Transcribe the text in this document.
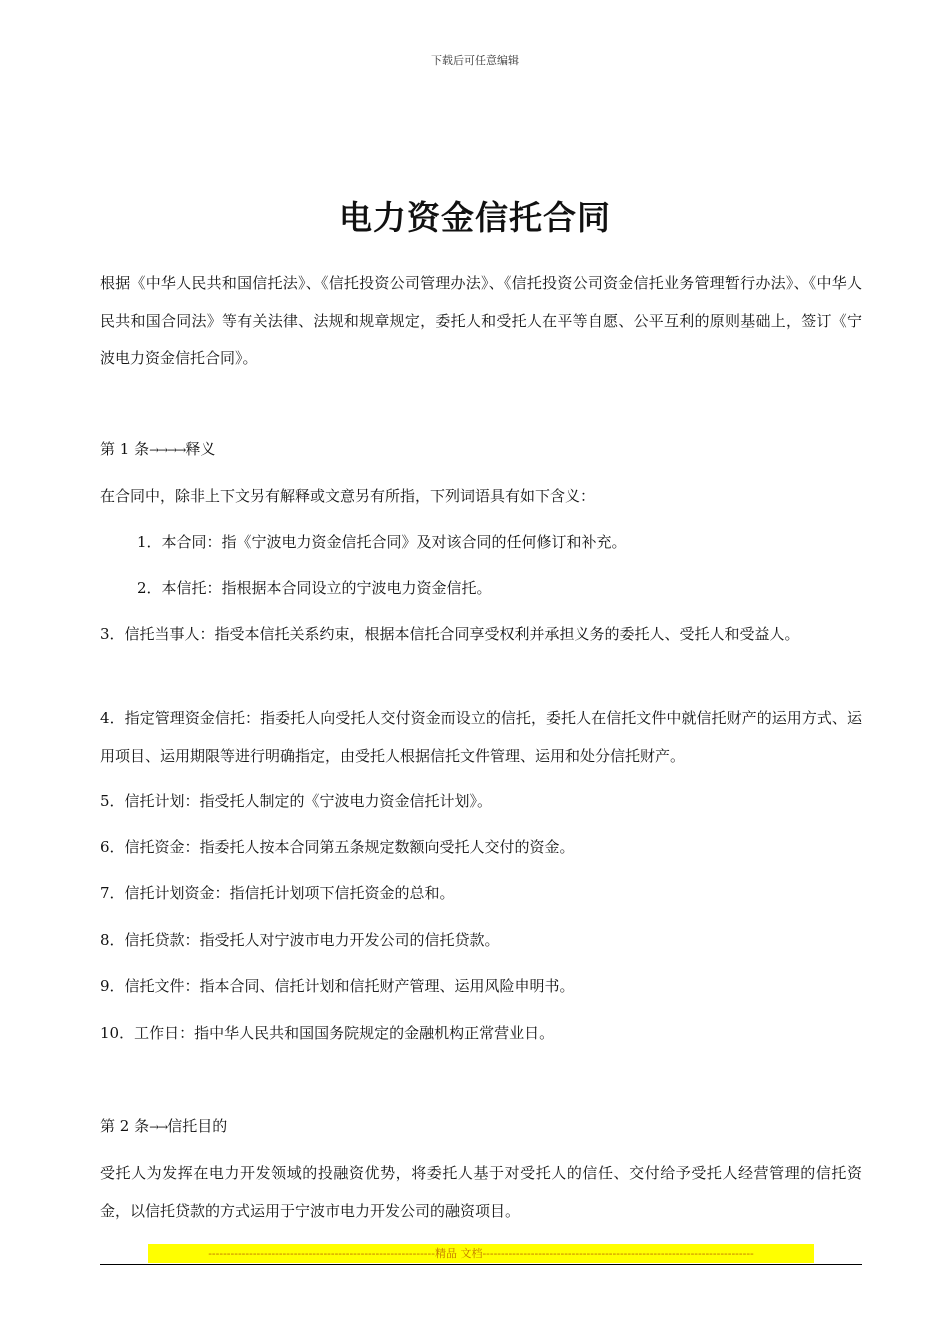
下载后可任意编辑
电力资金信托合同
根据《中华人民共和国信托法》、《信托投资公司管理办法》、《信托投资公司资金信托业务管理暂行办法》、《中华人民共和国合同法》等有关法律、法规和规章规定，委托人和受托人在平等自愿、公平互利的原则基础上，签订《宁波电力资金信托合同》。
第 1 条→→→→释义
在合同中，除非上下文另有解释或文意另有所指，下列词语具有如下含义：
1．本合同：指《宁波电力资金信托合同》及对该合同的任何修订和补充。
2．本信托：指根据本合同设立的宁波电力资金信托。
3．信托当事人：指受本信托关系约束，根据本信托合同享受权利并承担义务的委托人、受托人和受益人。
4．指定管理资金信托：指委托人向受托人交付资金而设立的信托，委托人在信托文件中就信托财产的运用方式、运用项目、运用期限等进行明确指定，由受托人根据信托文件管理、运用和处分信托财产。
5．信托计划：指受托人制定的《宁波电力资金信托计划》。
6．信托资金：指委托人按本合同第五条规定数额向受托人交付的资金。
7．信托计划资金：指信托计划项下信托资金的总和。
8．信托贷款：指受托人对宁波市电力开发公司的信托贷款。
9．信托文件：指本合同、信托计划和信托财产管理、运用风险申明书。
10．工作日：指中华人民共和国国务院规定的金融机构正常营业日。
第 2 条→→信托目的
受托人为发挥在电力开发领域的投融资优势，将委托人基于对受托人的信任、交付给予受托人经营管理的信托资金，以信托贷款的方式运用于宁波市电力开发公司的融资项目。
-------------------------------------------------------------精品 文档-------------------------------------------------------------------------
